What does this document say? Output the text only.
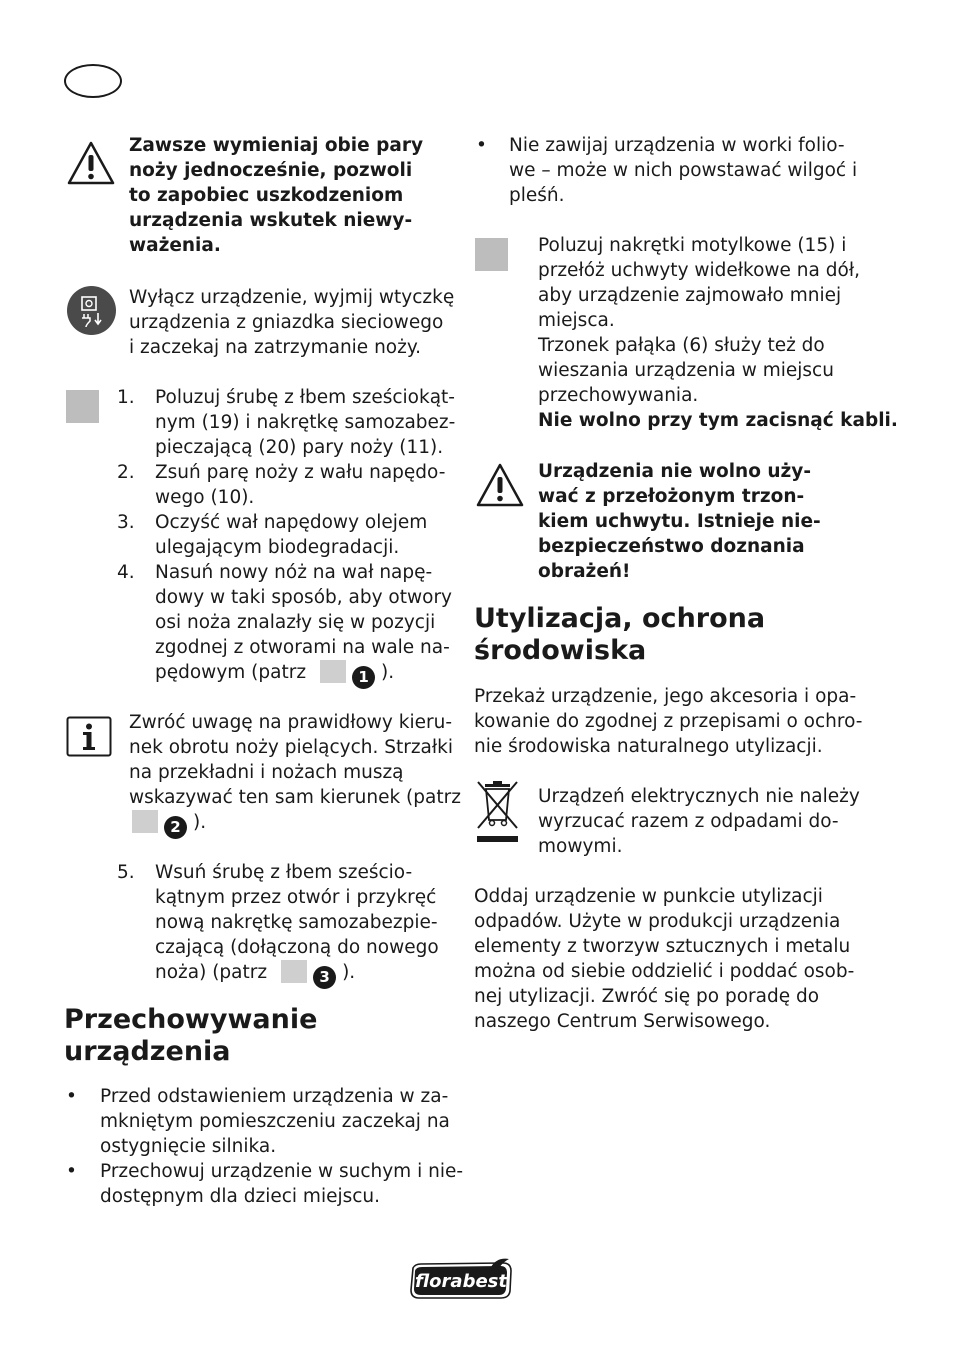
Zawsze wymieniaj obie pary
noży jednocześnie, pozwoli
to zapobiec uszkodzeniom
urządzenia wskutek niewy-
ważenia.
Wyłącz urządzenie, wyjmij wtyczkę
urządzenia z gniazdka sieciowego
i zaczekaj na zatrzymanie noży.
1. Poluzuj śrubę z łbem sześciokąt-
nym (19) i nakrętkę samozabez-
pieczającą (20) pary noży (11).
2. Zsuń parę noży z wału napędo-
wego (10).
3. Oczyść wał napędowy olejem
ulegającym biodegradacji.
4. Nasuń nowy nóż na wał napę-
dowy w taki sposób, aby otwory
osi noża znalazły się w pozycji
zgodnej z otworami na wale na-
pędowym (patrz	1 ).
Zwróć uwagę na prawidłowy kieru-
nek obrotu noży pielących. Strzałki
na przekładni i nożach muszą
wskazywać ten sam kierunek (patrz
2 ).
5. Wsuń śrubę z łbem sześcio-
kątnym przez otwór i przykręć
nową nakrętkę samozabezpie-
czającą (dołączoną do nowego
noża) (patrz	3 ).
Przechowywanie
urządzenia
• Przed odstawieniem urządzenia w za-
mkniętym pomieszczeniu zaczekaj na
ostygnięcie silnika.
• Przechowuj urządzenie w suchym i nie-
dostępnym dla dzieci miejscu.
• Nie zawijaj urządzenia w worki folio-
we – może w nich powstawać wilgoć i
pleśń.
Poluzuj nakrętki motylkowe (15) i
przełóż uchwyty widełkowe na dół,
aby urządzenie zajmowało mniej
miejsca.
Trzonek pałąka (6) służy też do
wieszania urządzenia w miejscu
przechowywania.
Nie wolno przy tym zacisnąć kabli.
Urządzenia nie wolno uży-
wać z przełożonym trzon-
kiem uchwytu. Istnieje nie-
bezpieczeństwo doznania
obrażeń!
Utylizacja, ochrona
środowiska
Przekaż urządzenie, jego akcesoria i opa-
kowanie do zgodnej z przepisami o ochro-
nie środowiska naturalnego utylizacji.
Urządzeń elektrycznych nie należy
wyrzucać razem z odpadami do-
mowymi.
Oddaj urządzenie w punkcie utylizacji
odpadów. Użyte w produkcji urządzenia
elementy z tworzyw sztucznych i metalu
można od siebie oddzielić i poddać osob-
nej utylizacji. Zwróć się po poradę do
naszego Centrum Serwisowego.
florabest
